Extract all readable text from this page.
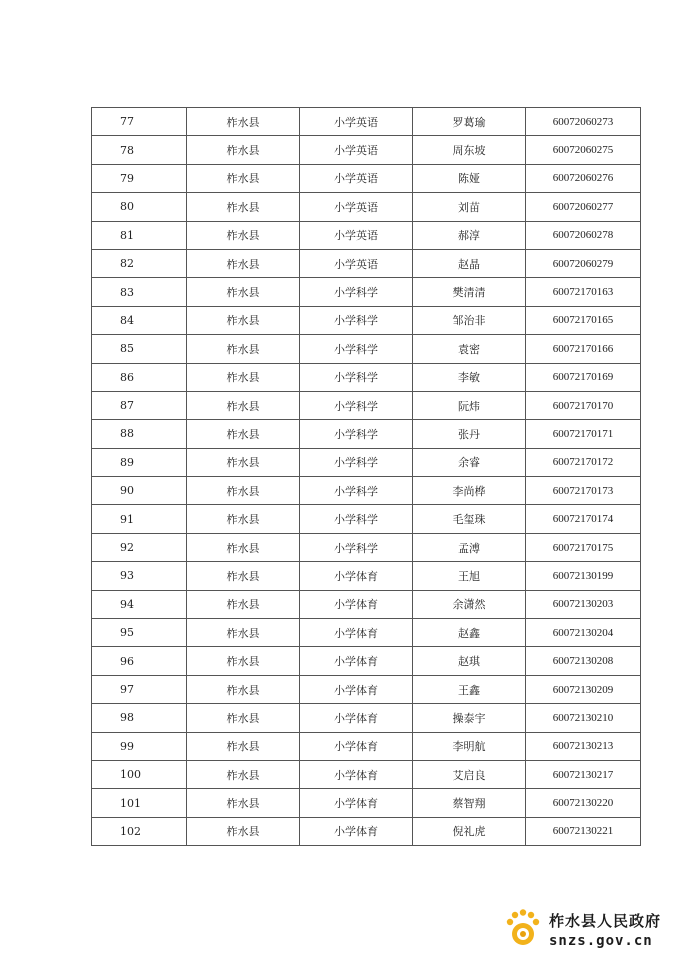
77	柞水县	小学英语	罗葛瑜	60072060273
78	柞水县	小学英语	周东坡	60072060275
79	柞水县	小学英语	陈娅	60072060276
80	柞水县	小学英语	刘苗	60072060277
81	柞水县	小学英语	郝淳	60072060278
82	柞水县	小学英语	赵晶	60072060279
83	柞水县	小学科学	樊清清	60072170163
84	柞水县	小学科学	邹治非	60072170165
85	柞水县	小学科学	袁密	60072170166
86	柞水县	小学科学	李敏	60072170169
87	柞水县	小学科学	阮炜	60072170170
88	柞水县	小学科学	张丹	60072170171
89	柞水县	小学科学	余睿	60072170172
90	柞水县	小学科学	李尚桦	60072170173
91	柞水县	小学科学	毛玺珠	60072170174
92	柞水县	小学科学	孟溥	60072170175
93	柞水县	小学体育	王旭	60072130199
94	柞水县	小学体育	余潇然	60072130203
95	柞水县	小学体育	赵鑫	60072130204
96	柞水县	小学体育	赵琪	60072130208
97	柞水县	小学体育	王鑫	60072130209
98	柞水县	小学体育	操泰宇	60072130210
99	柞水县	小学体育	李明航	60072130213
100	柞水县	小学体育	艾启良	60072130217
101	柞水县	小学体育	蔡智翔	60072130220
102	柞水县	小学体育	倪礼虎	60072130221
柞水县人民政府
snzs.gov.cn
